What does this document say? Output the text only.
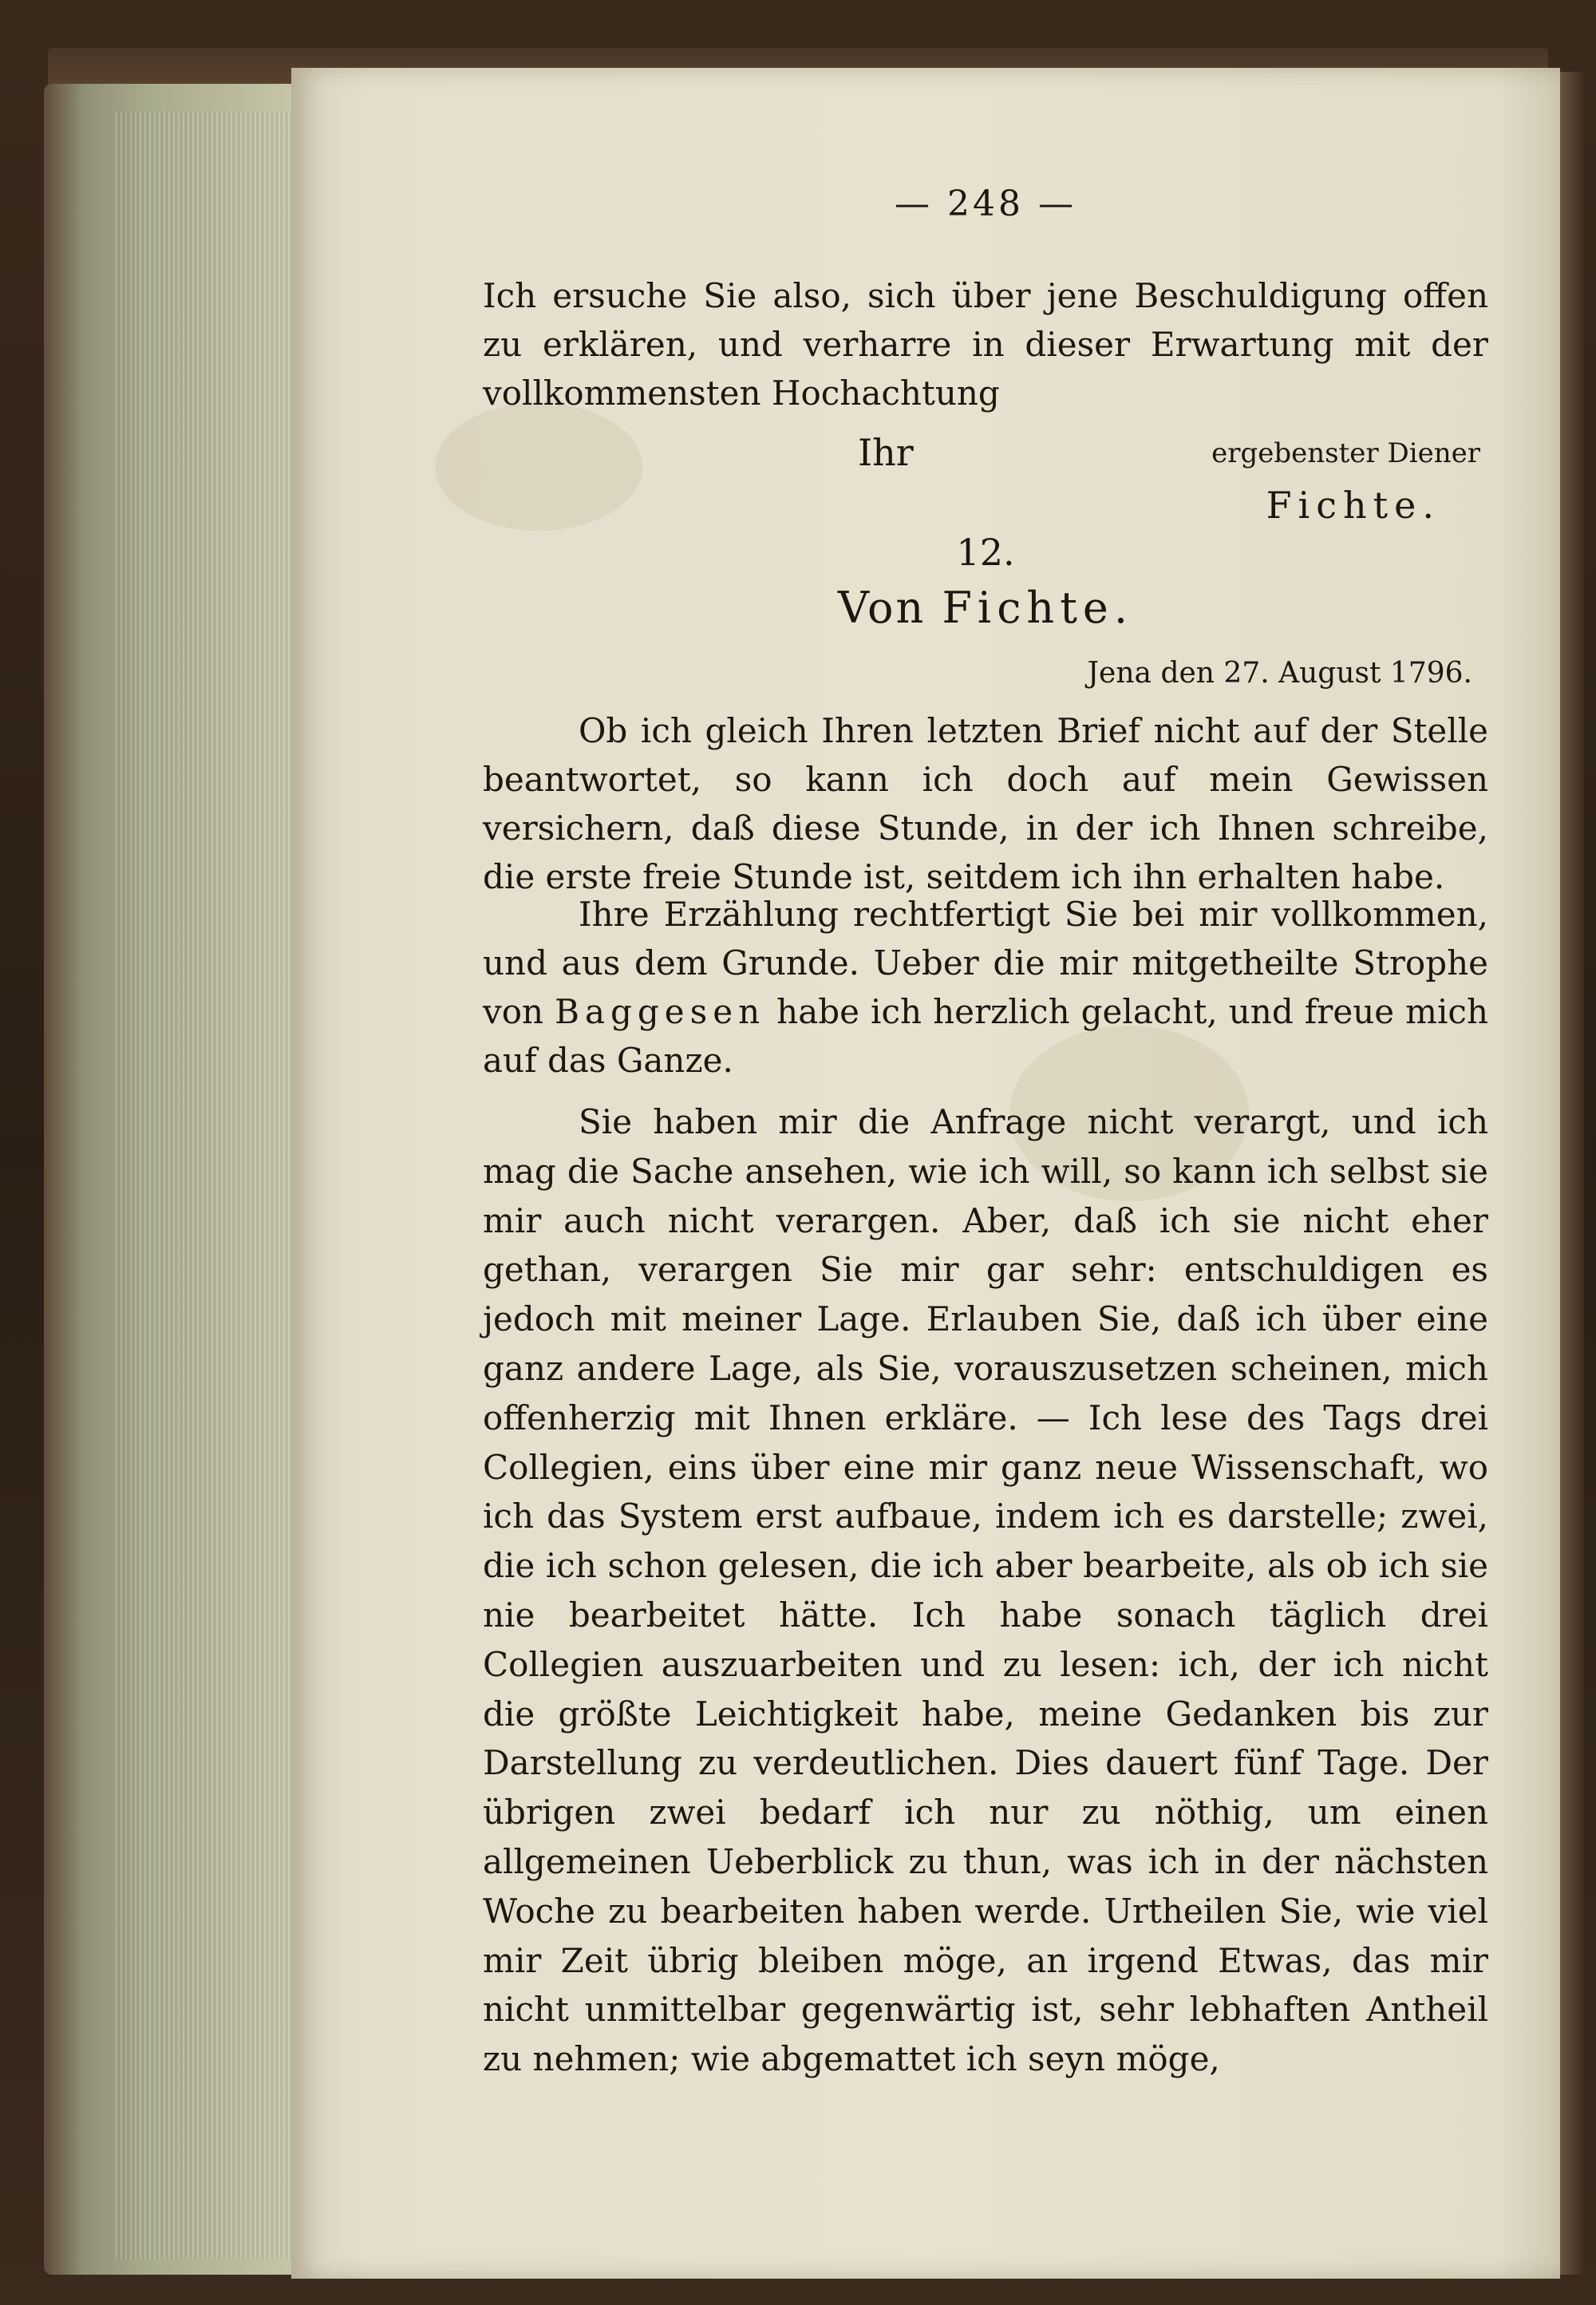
— 248 —

Ich ersuche Sie also, sich über jene Beschuldigung offen zu erklären, und verharre in dieser Erwartung mit der vollkommensten Hochachtung

Ihr	ergebenster Diener
Fichte.
12.
Von Fichte.
Jena den 27. August 1796.

Ob ich gleich Ihren letzten Brief nicht auf der Stelle beantwortet, so kann ich doch auf mein Gewissen versichern, daß diese Stunde, in der ich Ihnen schreibe, die erste freie Stunde ist, seitdem ich ihn erhalten habe.

Ihre Erzählung rechtfertigt Sie bei mir vollkommen, und aus dem Grunde. Ueber die mir mitgetheilte Strophe von Baggesen habe ich herzlich gelacht, und freue mich auf das Ganze.

Sie haben mir die Anfrage nicht verargt, und ich mag die Sache ansehen, wie ich will, so kann ich selbst sie mir auch nicht verargen. Aber, daß ich sie nicht eher gethan, verargen Sie mir gar sehr: entschuldigen es jedoch mit meiner Lage. Erlauben Sie, daß ich über eine ganz andere Lage, als Sie, vorauszusetzen scheinen, mich offenherzig mit Ihnen erkläre. — Ich lese des Tags drei Collegien, eins über eine mir ganz neue Wissenschaft, wo ich das System erst aufbaue, indem ich es darstelle; zwei, die ich schon gelesen, die ich aber bearbeite, als ob ich sie nie bearbeitet hätte. Ich habe sonach täglich drei Collegien auszuarbeiten und zu lesen: ich, der ich nicht die größte Leichtigkeit habe, meine Gedanken bis zur Darstellung zu verdeutlichen. Dies dauert fünf Tage. Der übrigen zwei bedarf ich nur zu nöthig, um einen allgemeinen Ueberblick zu thun, was ich in der nächsten Woche zu bearbeiten haben werde. Urtheilen Sie, wie viel mir Zeit übrig bleiben möge, an irgend Etwas, das mir nicht unmittelbar gegenwärtig ist, sehr lebhaften Antheil zu nehmen; wie abgemattet ich seyn möge,
